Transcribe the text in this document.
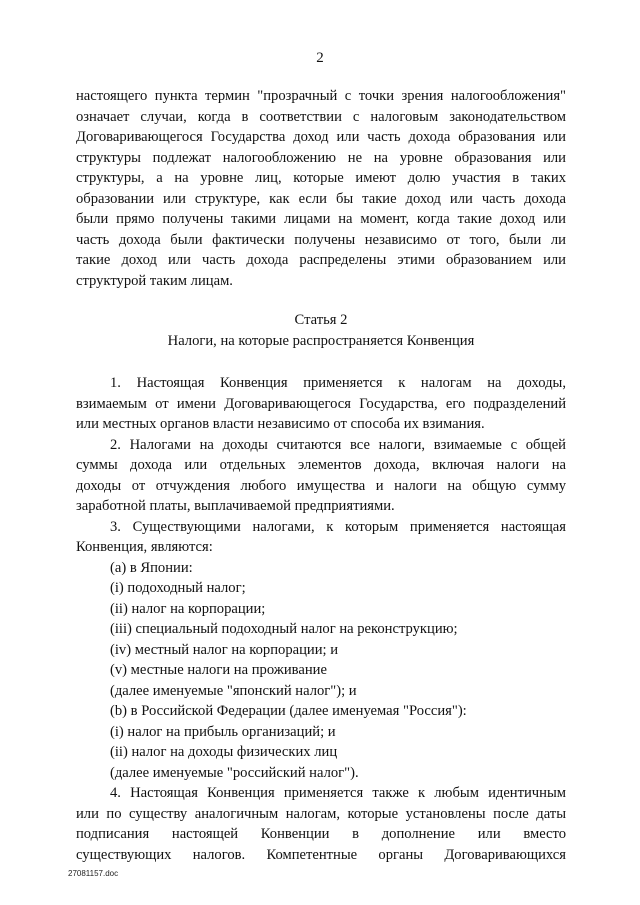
2
настоящего пункта термин "прозрачный с точки зрения налогообложения"
означает случаи, когда в соответствии с налоговым законодательством
Договаривающегося Государства доход или часть дохода образования или
структуры подлежат налогообложению не на уровне образования или
структуры, а на уровне лиц, которые имеют долю участия в таких
образовании или структуре, как если бы такие доход или часть дохода
были прямо получены такими лицами на момент, когда такие доход или
часть дохода были фактически получены независимо от того, были ли
такие доход или часть дохода распределены этими образованием или
структурой таким лицам.
Статья 2
Налоги, на которые распространяется Конвенция
1. Настоящая Конвенция применяется к налогам на доходы,
взимаемым от имени Договаривающегося Государства, его подразделений
или местных органов власти независимо от способа их взимания.
2. Налогами на доходы считаются все налоги, взимаемые с общей
суммы дохода или отдельных элементов дохода, включая налоги на
доходы от отчуждения любого имущества и налоги на общую сумму
заработной платы, выплачиваемой предприятиями.
3. Существующими налогами, к которым применяется настоящая
Конвенция, являются:
(a) в Японии:
(i) подоходный налог;
(ii) налог на корпорации;
(iii) специальный подоходный налог на реконструкцию;
(iv) местный налог на корпорации; и
(v) местные налоги на проживание
(далее именуемые "японский налог"); и
(b) в Российской Федерации (далее именуемая "Россия"):
(i) налог на прибыль организаций; и
(ii) налог на доходы физических лиц
(далее именуемые "российский налог").
4. Настоящая Конвенция применяется также к любым идентичным
или по существу аналогичным налогам, которые установлены после даты
подписания настоящей Конвенции в дополнение или вместо
существующих налогов. Компетентные органы Договаривающихся
27081157.doc
